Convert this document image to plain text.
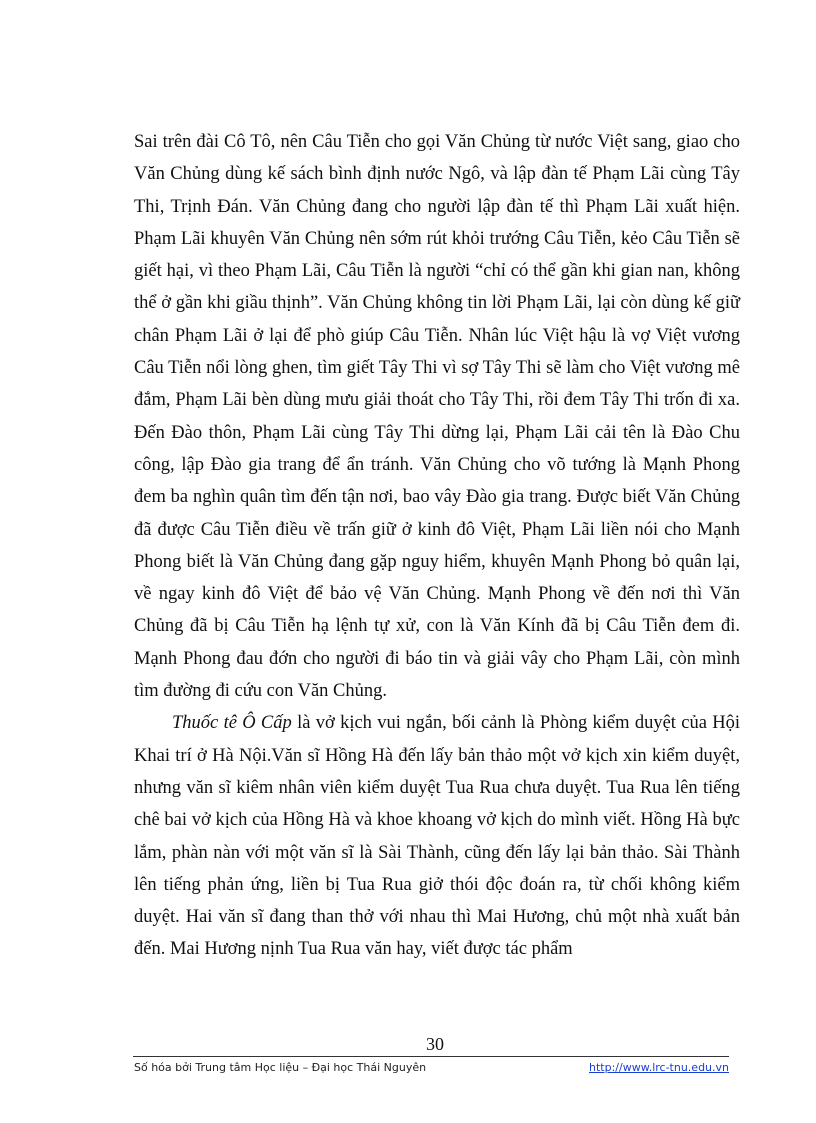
Sai trên đài Cô Tô, nên Câu Tiễn cho gọi Văn Chủng từ nước Việt sang, giao cho Văn Chủng dùng kế sách bình định nước Ngô, và lập đàn tế Phạm Lãi cùng Tây Thi, Trịnh Đán. Văn Chủng đang cho người lập đàn tế thì Phạm Lãi xuất hiện. Phạm Lãi khuyên Văn Chủng nên sớm rút khỏi trướng Câu Tiễn, kẻo Câu Tiễn sẽ giết hại, vì theo Phạm Lãi, Câu Tiễn là người “chỉ có thể gần khi gian nan, không thể ở gần khi giầu thịnh”. Văn Chủng không tin lời Phạm Lãi, lại còn dùng kế giữ chân Phạm Lãi ở lại để phò giúp Câu Tiễn. Nhân lúc Việt hậu là vợ Việt vương Câu Tiễn nổi lòng ghen, tìm giết Tây Thi vì sợ Tây Thi sẽ làm cho Việt vương mê đắm, Phạm Lãi bèn dùng mưu giải thoát cho Tây Thi, rồi đem Tây Thi trốn đi xa. Đến Đào thôn, Phạm Lãi cùng Tây Thi dừng lại, Phạm Lãi cải tên là Đào Chu công, lập Đào gia trang để ẩn tránh. Văn Chủng cho võ tướng là Mạnh Phong đem ba nghìn quân tìm đến tận nơi, bao vây Đào gia trang. Được biết Văn Chủng đã được Câu Tiễn điều về trấn giữ ở kinh đô Việt, Phạm Lãi liền nói cho Mạnh Phong biết là Văn Chủng đang gặp nguy hiểm, khuyên Mạnh Phong bỏ quân lại, về ngay kinh đô Việt để bảo vệ Văn Chủng. Mạnh Phong về đến nơi thì Văn Chủng đã bị Câu Tiễn hạ lệnh tự xử, con là Văn Kính đã bị Câu Tiễn đem đi. Mạnh Phong đau đớn cho người đi báo tin và giải vây cho Phạm Lãi, còn mình tìm đường đi cứu con Văn Chủng.

Thuốc tê Ô Cấp là vở kịch vui ngắn, bối cảnh là Phòng kiểm duyệt của Hội Khai trí ở Hà Nội.Văn sĩ Hồng Hà đến lấy bản thảo một vở kịch xin kiểm duyệt, nhưng văn sĩ kiêm nhân viên kiểm duyệt Tua Rua chưa duyệt. Tua Rua lên tiếng chê bai vở kịch của Hồng Hà và khoe khoang vở kịch do mình viết. Hồng Hà bực lắm, phàn nàn với một văn sĩ là Sài Thành, cũng đến lấy lại bản thảo. Sài Thành lên tiếng phản ứng, liền bị Tua Rua giở thói độc đoán ra, từ chối không kiểm duyệt. Hai văn sĩ đang than thở với nhau thì Mai Hương, chủ một nhà xuất bản đến. Mai Hương nịnh Tua Rua văn hay, viết được tác phẩm

30
Số hóa bởi Trung tâm Học liệu – Đại học Thái Nguyên	http://www.lrc-tnu.edu.vn
